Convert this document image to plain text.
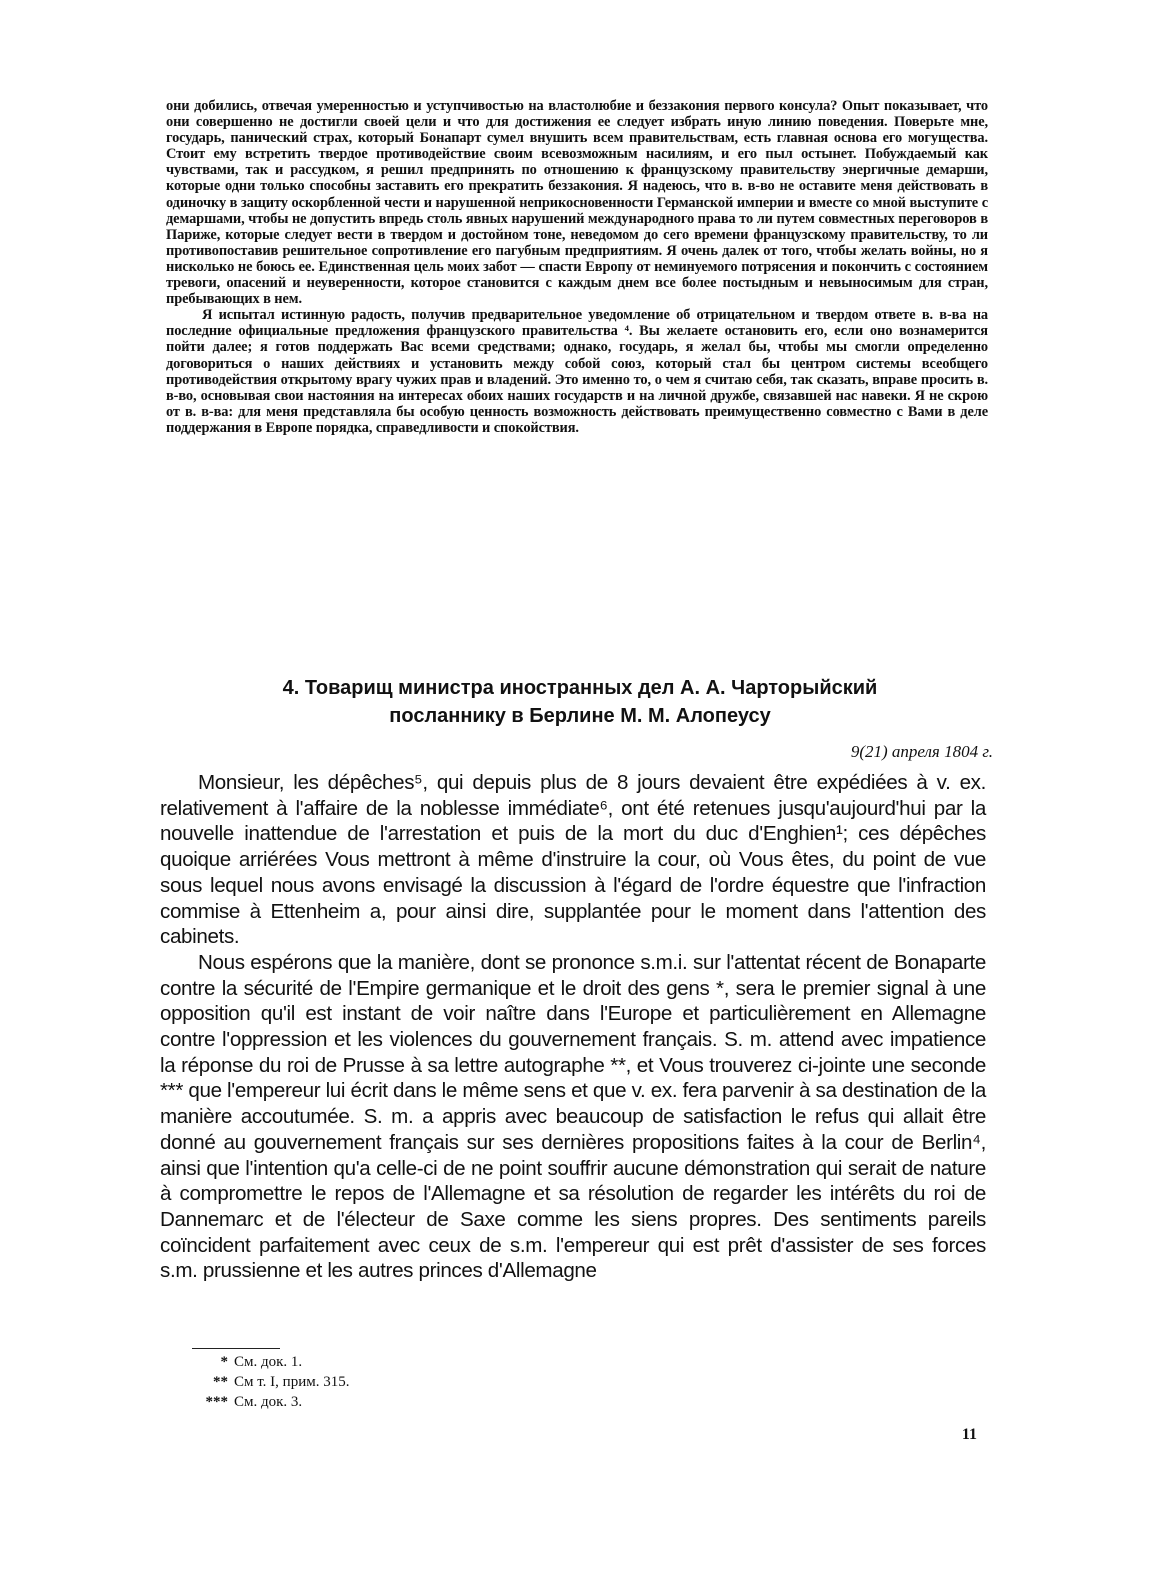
они добились, отвечая умеренностью и уступчивостью на властолюбие и беззакония первого консула? Опыт показывает, что они совершенно не достигли своей цели и что для достижения ее следует избрать иную линию поведения. Поверьте мне, государь, панический страх, который Бонапарт сумел внушить всем правительствам, есть главная основа его могущества. Стоит ему встретить твердое противодействие своим всевозможным насилиям, и его пыл остынет. Побуждаемый как чувствами, так и рассудком, я решил предпринять по отношению к французскому правительству энергичные демарши, которые одни только способны заставить его прекратить беззакония. Я надеюсь, что в. в-во не оставите меня действовать в одиночку в защиту оскорбленной чести и нарушенной неприкосновенности Германской империи и вместе со мной выступите с демаршами, чтобы не допустить впредь столь явных нарушений международного права то ли путем совместных переговоров в Париже, которые следует вести в твердом и достойном тоне, неведомом до сего времени французскому правительству, то ли противопоставив решительное сопротивление его пагубным предприятиям. Я очень далек от того, чтобы желать войны, но я нисколько не боюсь ее. Единственная цель моих забот — спасти Европу от неминуемого потрясения и покончить с состоянием тревоги, опасений и неуверенности, которое становится с каждым днем все более постыдным и невыносимым для стран, пребывающих в нем.

Я испытал истинную радость, получив предварительное уведомление об отрицательном и твердом ответе в. в-ва на последние официальные предложения французского правительства ⁴. Вы желаете остановить его, если оно вознамерится пойти далее; я готов поддержать Вас всеми средствами; однако, государь, я желал бы, чтобы мы смогли определенно договориться о наших действиях и установить между собой союз, который стал бы центром системы всеобщего противодействия открытому врагу чужих прав и владений. Это именно то, о чем я считаю себя, так сказать, вправе просить в. в-во, основывая свои настояния на интересах обоих наших государств и на личной дружбе, связавшей нас навеки. Я не скрою от в. в-ва: для меня представляла бы особую ценность возможность действовать преимущественно совместно с Вами в деле поддержания в Европе порядка, справедливости и спокойствия.

4. Товарищ министра иностранных дел А. А. Чарторыйский
посланнику в Берлине М. М. Алопеусу
9(21) апреля 1804 г.

Monsieur, les dépêches⁵, qui depuis plus de 8 jours devaient être expédiées à v. ex. relativement à l'affaire de la noblesse immédiate⁶, ont été retenues jusqu'aujourd'hui par la nouvelle inattendue de l'arrestation et puis de la mort du duc d'Enghien¹; ces dépêches quoique arriérées Vous mettront à même d'instruire la cour, où Vous êtes, du point de vue sous lequel nous avons envisagé la discussion à l'égard de l'ordre équestre que l'infraction commise à Ettenheim a, pour ainsi dire, supplantée pour le moment dans l'attention des cabinets.

Nous espérons que la manière, dont se prononce s.m.i. sur l'attentat récent de Bonaparte contre la sécurité de l'Empire germanique et le droit des gens *, sera le premier signal à une opposition qu'il est instant de voir naître dans l'Europe et particulièrement en Allemagne contre l'oppression et les violences du gouvernement français. S. m. attend avec impatience la réponse du roi de Prusse à sa lettre autographe **, et Vous trouverez ci-jointe une seconde *** que l'empereur lui écrit dans le même sens et que v. ex. fera parvenir à sa destination de la manière accoutumée. S. m. a appris avec beaucoup de satisfaction le refus qui allait être donné au gouvernement français sur ses dernières propositions faites à la cour de Berlin⁴, ainsi que l'intention qu'a celle-ci de ne point souffrir aucune démonstration qui serait de nature à compromettre le repos de l'Allemagne et sa résolution de regarder les intérêts du roi de Dannemarc et de l'électeur de Saxe comme les siens propres. Des sentiments pareils coïncident parfaitement avec ceux de s.m. l'empereur qui est prêt d'assister de ses forces s.m. prussienne et les autres princes d'Allemagne

* См. док. 1.
** См т. I, прим. 315.
*** См. док. 3.
11
